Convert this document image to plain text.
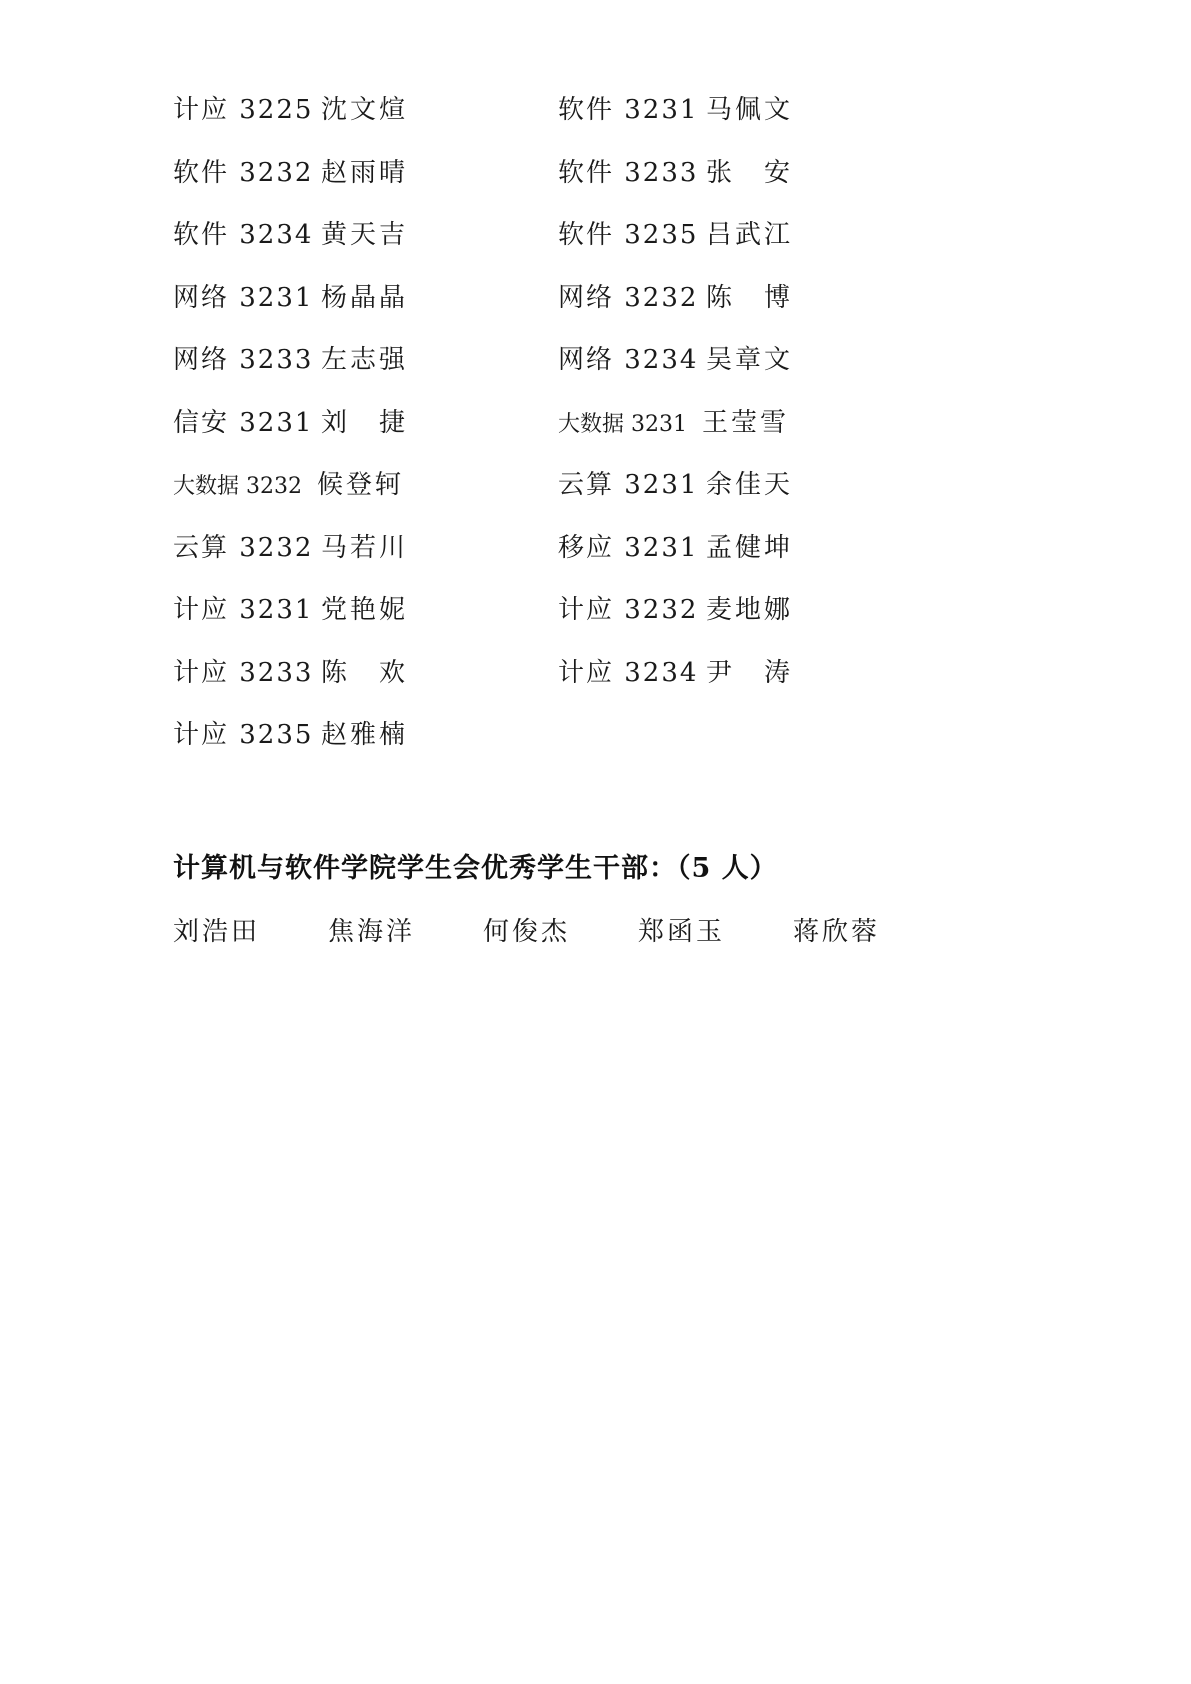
计应 3225 沈文煊	软件 3231 马佩文
软件 3232 赵雨晴	软件 3233 张　安
软件 3234 黄天吉	软件 3235 吕武江
网络 3231 杨晶晶	网络 3232 陈　博
网络 3233 左志强	网络 3234 吴章文
信安 3231 刘　捷	大数据 3231 王莹雪
大数据 3232 候登轲	云算 3231 余佳天
云算 3232 马若川	移应 3231 孟健坤
计应 3231 党艳妮	计应 3232 麦地娜
计应 3233 陈　欢	计应 3234 尹　涛
计应 3235 赵雅楠
计算机与软件学院学生会优秀学生干部：（5 人）
刘浩田	焦海洋	何俊杰	郑函玉	蒋欣蓉
